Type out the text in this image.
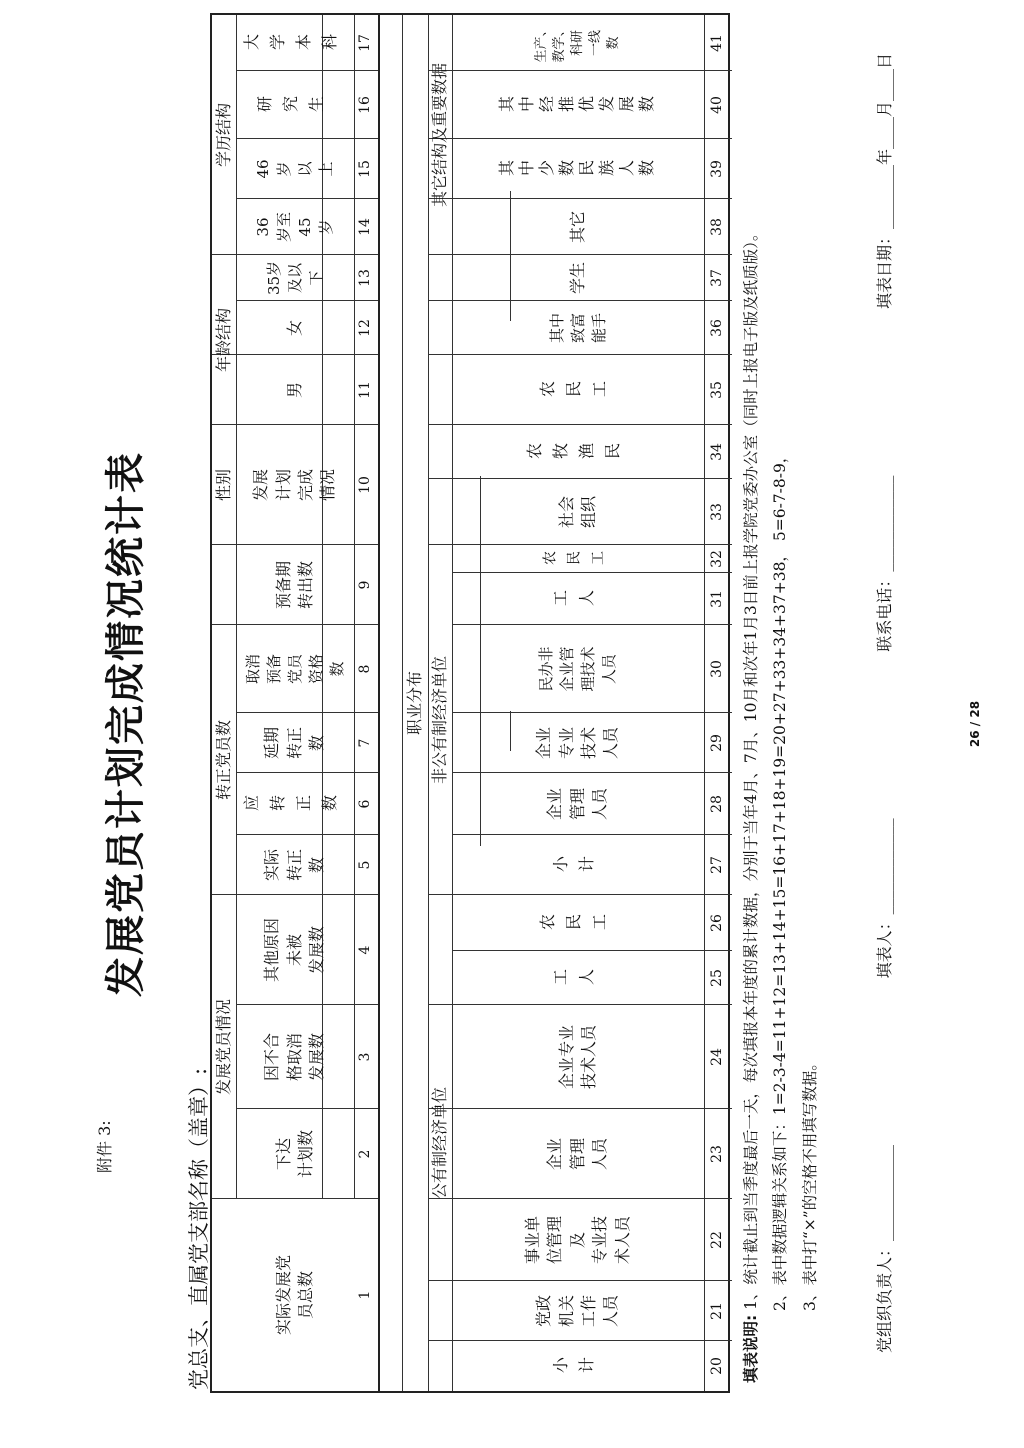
附件 3:
发展党员计划完成情况统计表
党总支、直属党支部名称（盖章）:
发展党员情况
转正党员数
性别
年龄结构
学历结构
实际发展党
员总数
下达
计划数
因不合
格取消
发展数
其他原因
未被
发展数
实际
转正
数
应转正数
延期
转正
数
取消
预备
党员
资格
数
预备期
转出数
发展
计划
完成
情况
男
女
35岁
及以
下
36
岁至
45
岁
46
岁
以
上
研究生
大学本科
1
2
3
4
5
6
7
8
9
10
11
12
13
14
15
16
17
职业分布
公有制经济单位
非公有制经济单位
其它结构及重要数据
小计
党政
机关
工作
人员
事业单
位管理
及
专业技
术人员
企业
管理
人员
企业专业
技术人员
工人
农民工
小计
企业
管理
人员
企业
专业
技术
人员
民办非
企业管
理技术
人员
工人
农民工
社会
组织
农牧渔民
农民工
其中
致富
能手
学生
其它
其中少数民族人数
其中经推优发展数
生产、
教学、
科研
一线
数
20
21
22
23
24
25
26
27
28
29
30
31
32
33
34
35
36
37
38
39
40
41
填表说明: 1、统计截止到当季度最后一天，每次填报本年度的累计数据，分别于当年4月、7月、10月和次年1月3日前上报学院党委办公室（同时上报电子版及纸质版）。 2、表中数据逻辑关系如下：1=2-3-4=11+12=13+14+15=16+17+18+19=20+27+33+34+37+38， 5=6-7-8-9， 3、表中打“×”的空格不用填写数据。	党组织负责人：____________
填表人：____________
联系电话：____________
填表日期：________年____月____日
26 / 28
